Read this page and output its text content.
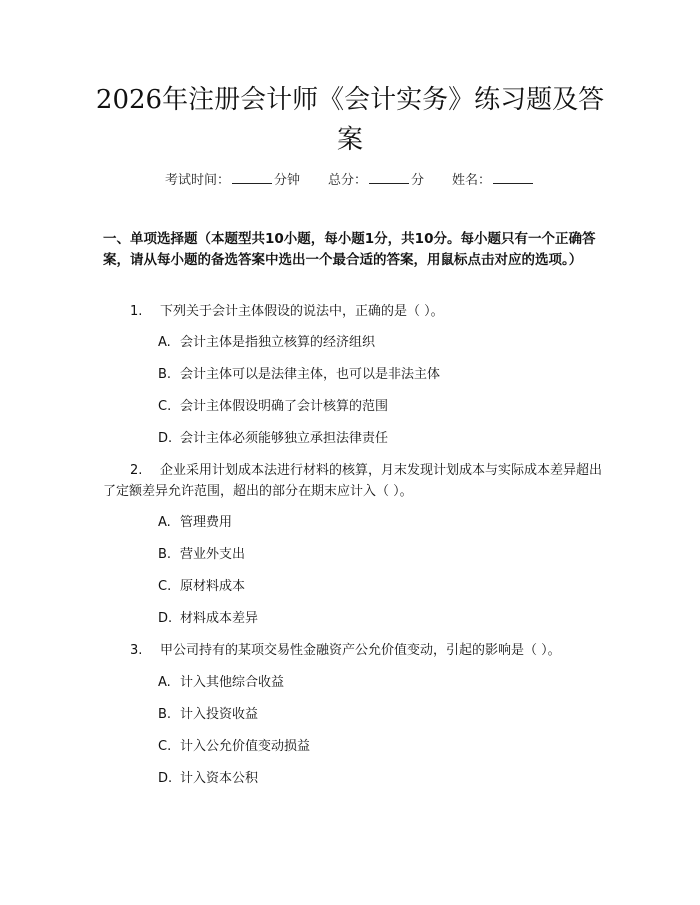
2026年注册会计师《会计实务》练习题及答案
考试时间：	分钟 总分：	分 姓名：
一、单项选择题（本题型共10小题，每小题1分，共10分。每小题只有一个正确答案，请从每小题的备选答案中选出一个最合适的答案，用鼠标点击对应的选项。）
1. 下列关于会计主体假设的说法中，正确的是（ ）。
A. 会计主体是指独立核算的经济组织
B. 会计主体可以是法律主体，也可以是非法主体
C. 会计主体假设明确了会计核算的范围
D. 会计主体必须能够独立承担法律责任
2. 企业采用计划成本法进行材料的核算，月末发现计划成本与实际成本差异超出了定额差异允许范围，超出的部分在期末应计入（ ）。
A. 管理费用
B. 营业外支出
C. 原材料成本
D. 材料成本差异
3. 甲公司持有的某项交易性金融资产公允价值变动，引起的影响是（ ）。
A. 计入其他综合收益
B. 计入投资收益
C. 计入公允价值变动损益
D. 计入资本公积
